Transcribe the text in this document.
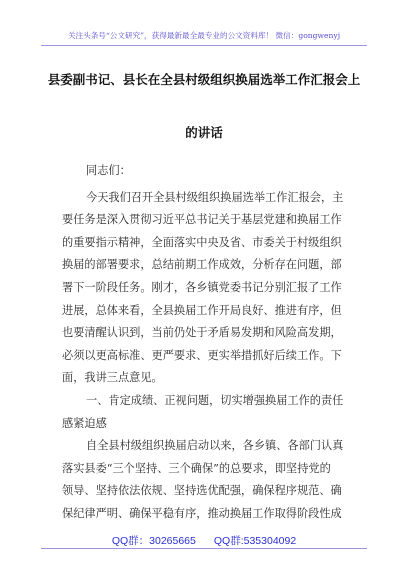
关注头条号“公文研究”，获得最新最全最专业的公文资料库！ 微信：gongwenyj
县委副书记、县长在全县村级组织换届选举工作汇报会上
的讲话

同志们：

今天我们召开全县村级组织换届选举工作汇报会，主

要任务是深入贯彻习近平总书记关于基层党建和换届工作

的重要指示精神，全面落实中央及省、市委关于村级组织

换届的部署要求，总结前期工作成效，分析存在问题，部

署下一阶段任务。刚才，各乡镇党委书记分别汇报了工作

进展，总体来看，全县换届工作开局良好、推进有序，但

也要清醒认识到，当前仍处于矛盾易发期和风险高发期，

必须以更高标准、更严要求、更实举措抓好后续工作。下

面，我讲三点意见。

一、肯定成绩、正视问题，切实增强换届工作的责任

感紧迫感

自全县村级组织换届启动以来，各乡镇、各部门认真

落实县委“三个坚持、三个确保”的总要求，即坚持党的

领导、坚持依法依规、坚持选优配强，确保程序规范、确

保纪律严明、确保平稳有序，推动换届工作取得阶段性成

QQ群：30265665 QQ群:535304092
